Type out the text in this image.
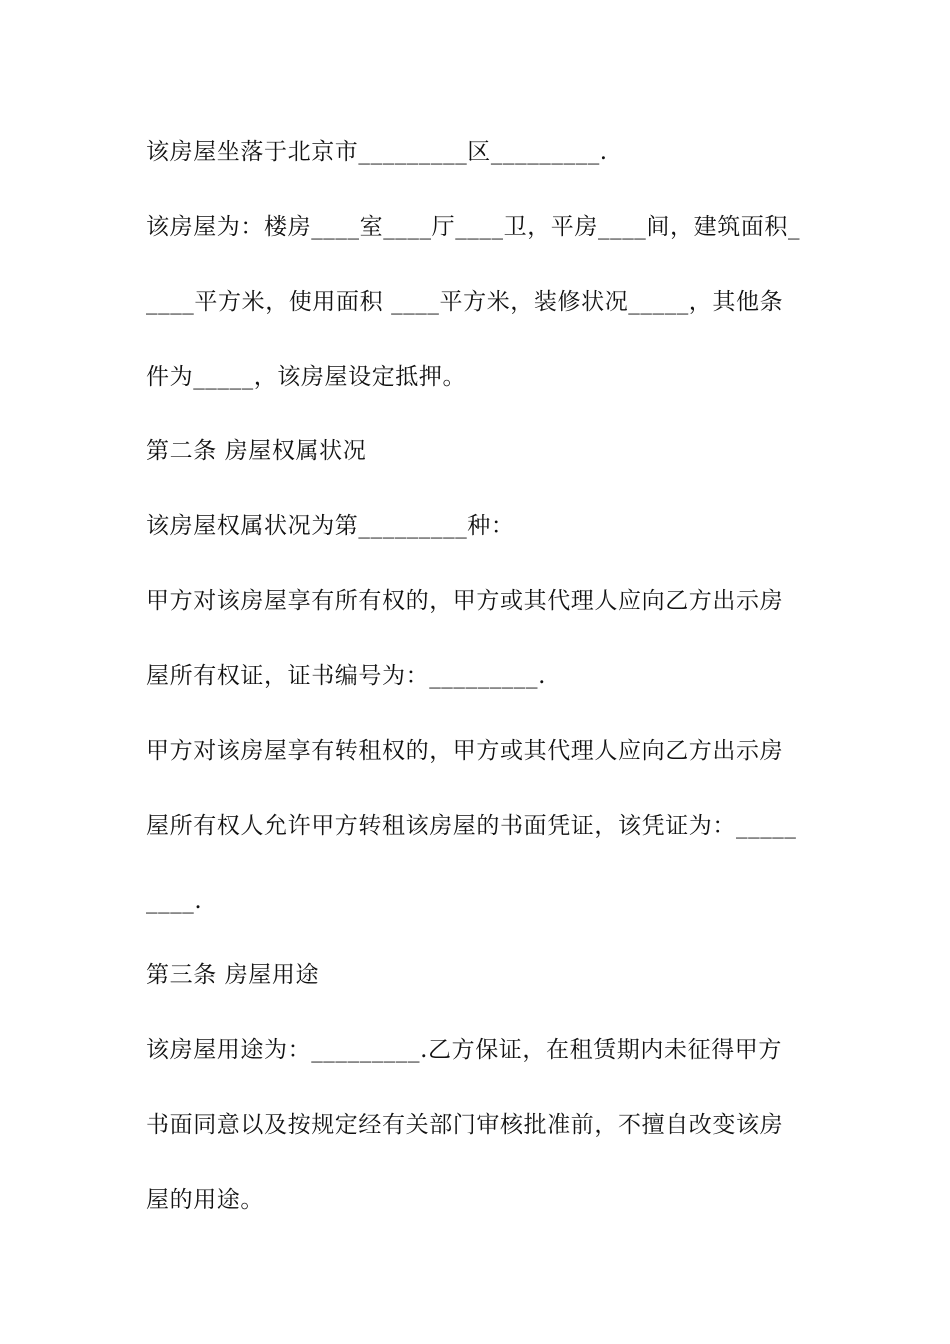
该房屋坐落于北京市_________区_________.
该房屋为：楼房____室____厅____卫，平房____间，建筑面积_
____平方米，使用面积 ____平方米，装修状况_____，其他条
件为_____，该房屋设定抵押。
第二条 房屋权属状况
该房屋权属状况为第_________种：
甲方对该房屋享有所有权的，甲方或其代理人应向乙方出示房
屋所有权证，证书编号为：_________.
甲方对该房屋享有转租权的，甲方或其代理人应向乙方出示房
屋所有权人允许甲方转租该房屋的书面凭证，该凭证为：_____
____.
第三条 房屋用途
该房屋用途为：_________.乙方保证，在租赁期内未征得甲方
书面同意以及按规定经有关部门审核批准前，不擅自改变该房
屋的用途。
